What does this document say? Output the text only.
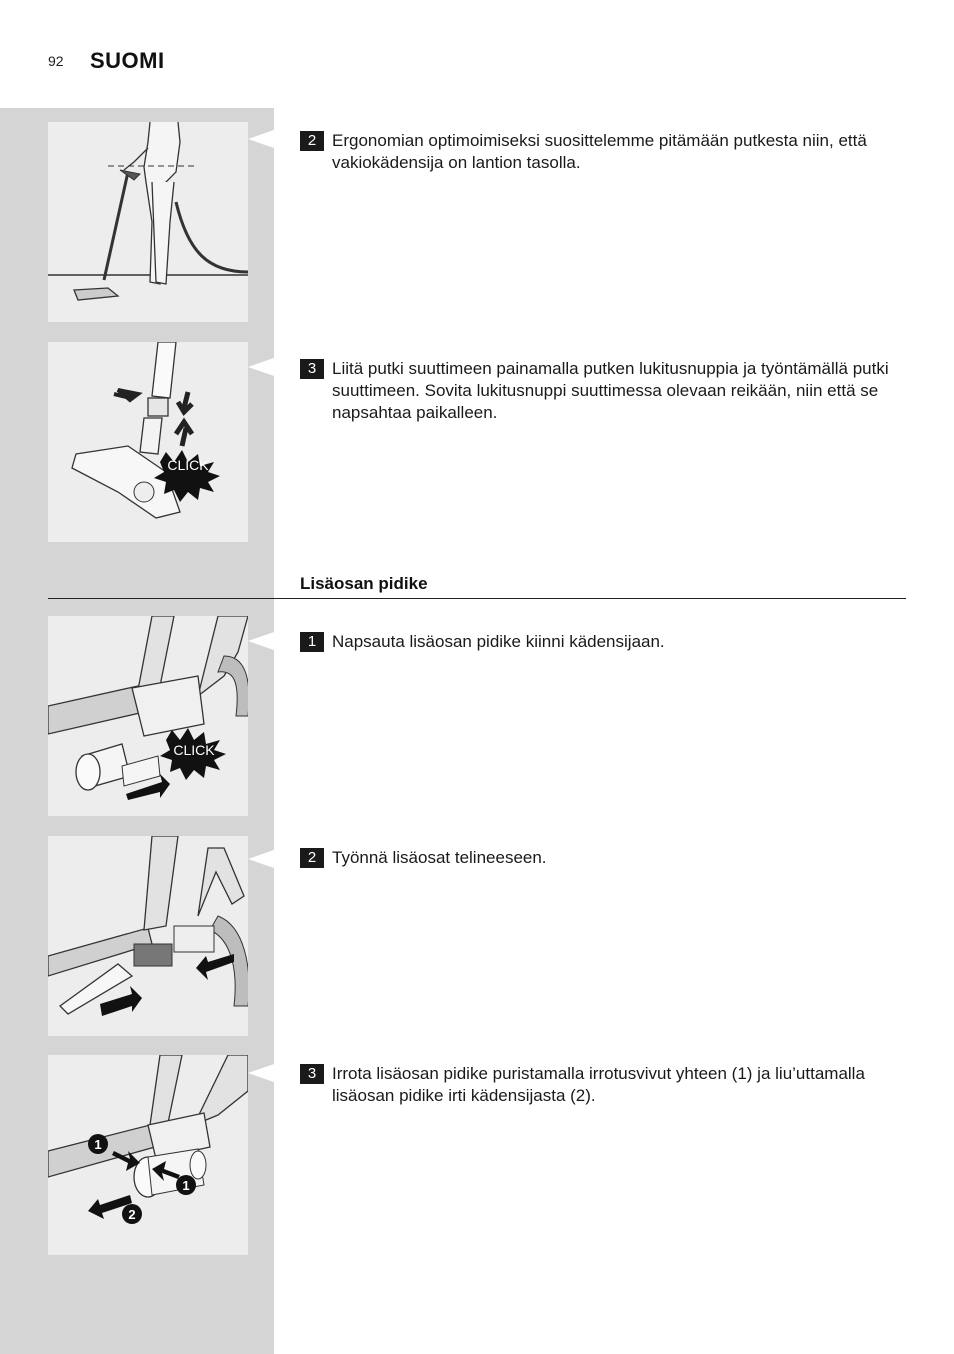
92 SUOMI
2 Ergonomian optimoimiseksi suosittelemme pitämään putkesta niin, että vakiokädensija on lantion tasolla.
CLICK
3 Liitä putki suuttimeen painamalla putken lukitusnuppia ja työntämällä putki suuttimeen. Sovita lukitusnuppi suuttimessa olevaan reikään, niin että se napsahtaa paikalleen.
Lisäosan pidike
CLICK
1 Napsauta lisäosan pidike kiinni kädensijaan.
2 Työnnä lisäosat telineeseen.
1
1
2
3 Irrota lisäosan pidike puristamalla irrotusvivut yhteen (1) ja liu’uttamalla lisäosan pidike irti kädensijasta (2).
